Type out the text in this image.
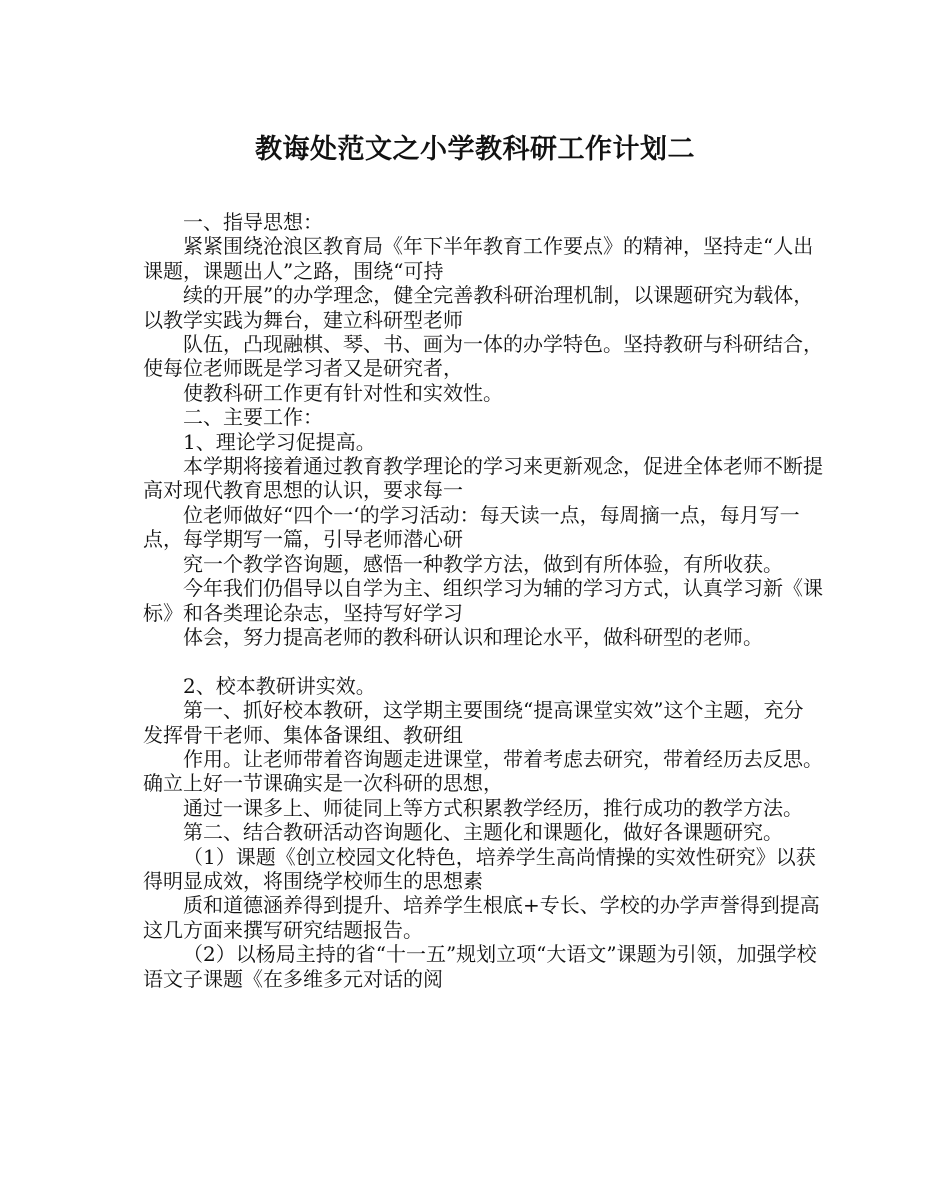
教诲处范文之小学教科研工作计划二

一、指导思想：

紧紧围绕沧浪区教育局《年下半年教育工作要点》的精神，坚持走“人出课题，课题出人”之路，围绕“可持

续的开展”的办学理念，健全完善教科研治理机制，以课题研究为载体，以教学实践为舞台，建立科研型老师

队伍，凸现融棋、琴、书、画为一体的办学特色。坚持教研与科研结合，使每位老师既是学习者又是研究者，

使教科研工作更有针对性和实效性。

二、主要工作：

1、理论学习促提高。

本学期将接着通过教育教学理论的学习来更新观念，促进全体老师不断提高对现代教育思想的认识，要求每一

位老师做好“四个一‘的学习活动：每天读一点，每周摘一点，每月写一点，每学期写一篇，引导老师潜心研

究一个教学咨询题，感悟一种教学方法，做到有所体验，有所收获。

今年我们仍倡导以自学为主、组织学习为辅的学习方式，认真学习新《课标》和各类理论杂志，坚持写好学习

体会，努力提高老师的教科研认识和理论水平，做科研型的老师。

2、校本教研讲实效。

第一、抓好校本教研，这学期主要围绕“提高课堂实效”这个主题，充分发挥骨干老师、集体备课组、教研组

作用。让老师带着咨询题走进课堂，带着考虑去研究，带着经历去反思。确立上好一节课确实是一次科研的思想，

通过一课多上、师徒同上等方式积累教学经历，推行成功的教学方法。

第二、结合教研活动咨询题化、主题化和课题化，做好各课题研究。

（1）课题《创立校园文化特色，培养学生高尚情操的实效性研究》以获得明显成效，将围绕学校师生的思想素

质和道德涵养得到提升、培养学生根底+专长、学校的办学声誉得到提高这几方面来撰写研究结题报告。

（2）以杨局主持的省“十一五”规划立项“大语文”课题为引领，加强学校语文子课题《在多维多元对话的阅
